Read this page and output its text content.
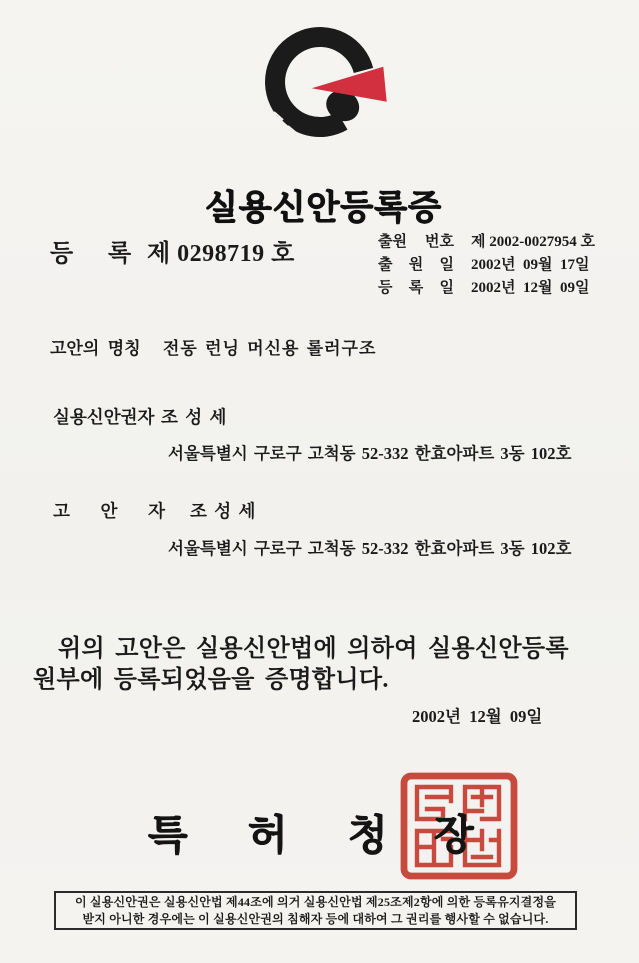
실용신안등록증
등 록 제 0298719 호	출원 번호 제 2002-0027954 호
출 원 일 2002년  09월  17일
등 록 일 2002년  12월  09일
고안의  명칭	전동 런닝 머신용 롤러구조
실용신안권자 조 성 세
서울특별시 구로구 고척동 52-332 한효아파트 3동 102호
고 안 자 조 성 세
서울특별시 구로구 고척동 52-332 한효아파트 3동 102호
위의 고안은 실용신안법에 의하여 실용신안등록
원부에 등록되었음을 증명합니다.
2002년  12월  09일
특 허 청 장
이 실용신안권은 실용신안법 제44조에 의거 실용신안법 제25조제2항에 의한 등록유지결정을
받지 아니한 경우에는 이 실용신안권의 침해자 등에 대하여 그 권리를 행사할 수 없습니다.
